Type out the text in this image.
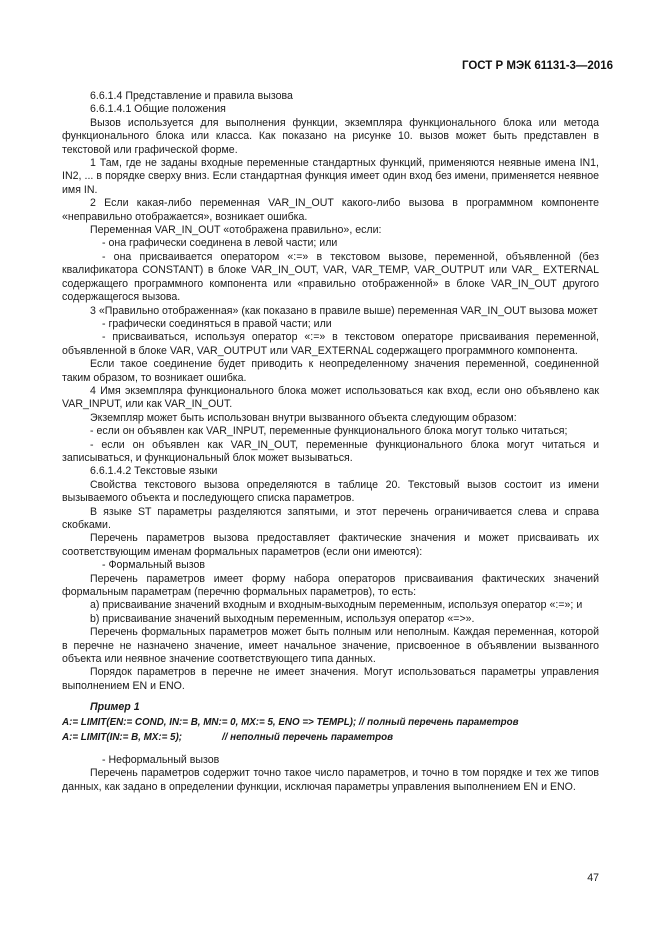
ГОСТ Р МЭК 61131-3—2016

6.6.1.4 Представление и правила вызова

6.6.1.4.1 Общие положения

Вызов используется для выполнения функции, экземпляра функционального блока или метода функционального блока или класса. Как показано на рисунке 10. вызов может быть представлен в текстовой или графической форме.

1 Там, где не заданы входные переменные стандартных функций, применяются неявные имена IN1, IN2, ... в порядке сверху вниз. Если стандартная функция имеет один вход без имени, применяется неявное имя IN.

2 Если какая-либо переменная VAR_IN_OUT какого-либо вызова в программном компоненте «неправильно отображается», возникает ошибка.

Переменная VAR_IN_OUT «отображена правильно», если:

- она графически соединена в левой части; или

- она присваивается оператором «:=» в текстовом вызове, переменной, объявленной (без квалификатора CONSTANT) в блоке VAR_IN_OUT, VAR, VAR_TEMP, VAR_OUTPUT или VAR_ EXTERNAL содержащего программного компонента или «правильно отображенной» в блоке VAR_IN_OUT другого содержащегося вызова.

3 «Правильно отображенная» (как показано в правиле выше) переменная VAR_IN_OUT вызова может

- графически соединяться в правой части; или

- присваиваться, используя оператор «:=» в текстовом операторе присваивания переменной, объявленной в блоке VAR, VAR_OUTPUT или VAR_EXTERNAL содержащего программного компонента.

Если такое соединение будет приводить к неопределенному значения переменной, соединенной таким образом, то возникает ошибка.

4 Имя экземпляра функционального блока может использоваться как вход, если оно объявлено как VAR_INPUT, или как VAR_IN_OUT.

Экземпляр может быть использован внутри вызванного объекта следующим образом:

- если он объявлен как VAR_INPUT, переменные функционального блока могут только читаться;

- если он объявлен как VAR_IN_OUT, переменные функционального блока могут читаться и записываться, и функциональный блок может вызываться.

6.6.1.4.2 Текстовые языки

Свойства текстового вызова определяются в таблице 20. Текстовый вызов состоит из имени вызываемого объекта и последующего списка параметров.

В языке ST параметры разделяются запятыми, и этот перечень ограничивается слева и справа скобками.

Перечень параметров вызова предоставляет фактические значения и может присваивать их соответствующим именам формальных параметров (если они имеются):

- Формальный вызов

Перечень параметров имеет форму набора операторов присваивания фактических значений формальным параметрам (перечню формальных параметров), то есть:

a) присваивание значений входным и входным-выходным переменным, используя оператор «:=»; и

b) присваивание значений выходным переменным, используя оператор «=>».

Перечень формальных параметров может быть полным или неполным. Каждая переменная, которой в перечне не назначено значение, имеет начальное значение, присвоенное в объявлении вызванного объекта или неявное значение соответствующего типа данных.

Порядок параметров в перечне не имеет значения. Могут использоваться параметры управления выполнением EN и ENO.

Пример 1

A:= LIMIT(EN:= COND, IN:= B, MN:= 0, MX:= 5, ENO => TEMPL); // полный перечень параметров
A:= LIMIT(IN:= B, MX:= 5);	// неполный перечень параметров

- Неформальный вызов

Перечень параметров содержит точно такое число параметров, и точно в том порядке и тех же типов данных, как задано в определении функции, исключая параметры управления выполнением EN и ENO.

47
